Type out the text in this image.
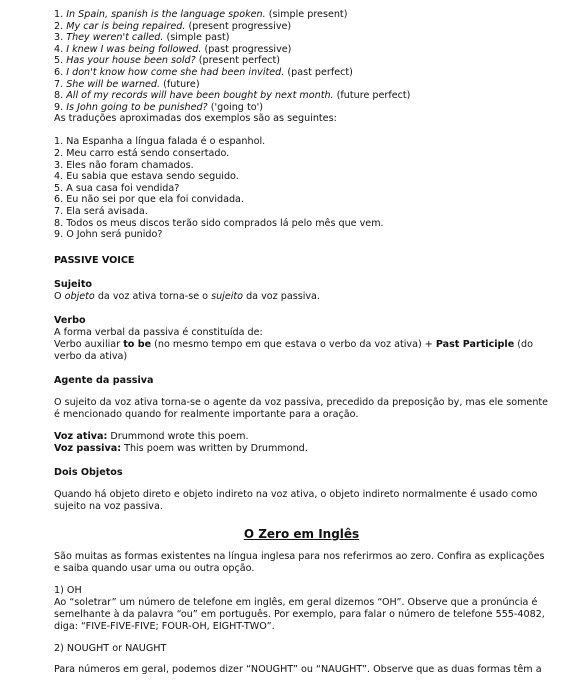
1. In Spain, spanish is the language spoken. (simple present)
2. My car is being repaired. (present progressive)
3. They weren't called. (simple past)
4. I knew I was being followed. (past progressive)
5. Has your house been sold? (present perfect)
6. I don't know how come she had been invited. (past perfect)
7. She will be warned. (future)
8. All of my records will have been bought by next month. (future perfect)
9. Is John going to be punished? ('going to')

As traduções aproximadas dos exemplos são as seguintes:

1. Na Espanha a língua falada é o espanhol.
2. Meu carro está sendo consertado.
3. Eles não foram chamados.
4. Eu sabia que estava sendo seguido.
5. A sua casa foi vendida?
6. Eu não sei por que ela foi convidada.
7. Ela será avisada.
8. Todos os meus discos terão sido comprados lá pelo mês que vem.
9. O John será punido?
PASSIVE VOICE
Sujeito

O objeto da voz ativa torna-se o sujeito da voz passiva.

Verbo

A forma verbal da passiva é constituída de:

Verbo auxiliar to be (no mesmo tempo em que estava o verbo da voz ativa) + Past Participle (do verbo da ativa)

Agente da passiva

O sujeito da voz ativa torna-se o agente da voz passiva, precedido da preposição by, mas ele somente é mencionado quando for realmente importante para a oração.

Voz ativa: Drummond wrote this poem.

Voz passiva: This poem was written by Drummond.

Dois Objetos

Quando há objeto direto e objeto indireto na voz ativa, o objeto indireto normalmente é usado como sujeito na voz passiva.

O Zero em Inglês

São muitas as formas existentes na língua inglesa para nos referirmos ao zero. Confira as explicações e saiba quando usar uma ou outra opção.

1) OH

Ao “soletrar” um número de telefone em inglês, em geral dizemos “OH”. Observe que a pronúncia é semelhante à da palavra “ou” em português. Por exemplo, para falar o número de telefone 555-4082, diga: “FIVE-FIVE-FIVE; FOUR-OH, EIGHT-TWO”.

2) NOUGHT or NAUGHT

Para números em geral, podemos dizer “NOUGHT” ou “NAUGHT”. Observe que as duas formas têm a
